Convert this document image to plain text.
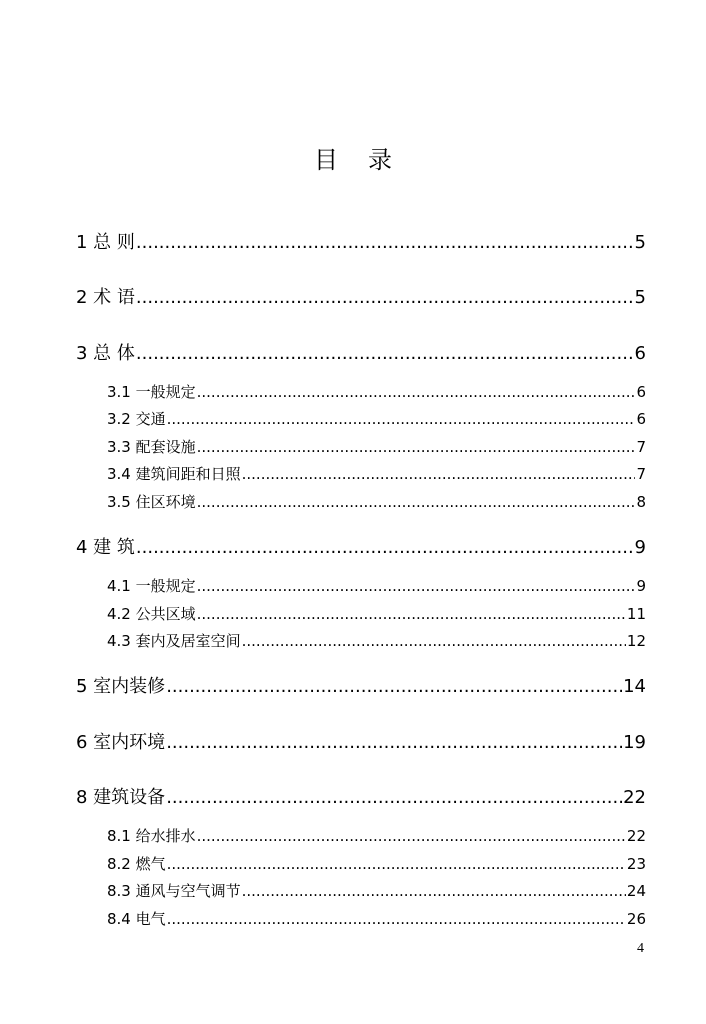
目 录
1 总 则 .....	5
2 术 语 .....	5
3 总 体 .....	6
3.1 一般规定 .....	6
3.2 交通 .....	6
3.3 配套设施 .....	7
3.4 建筑间距和日照 .....	7
3.5 住区环境 .....	8
4 建 筑 .....	9
4.1 一般规定 .....	9
4.2 公共区域 .....	11
4.3 套内及居室空间 .....	12
5 室内装修 .....	14
6 室内环境 .....	19
8 建筑设备 .....	22
8.1 给水排水 .....	22
8.2 燃气 .....	23
8.3 通风与空气调节 .....	24
8.4 电气 .....	26
4
